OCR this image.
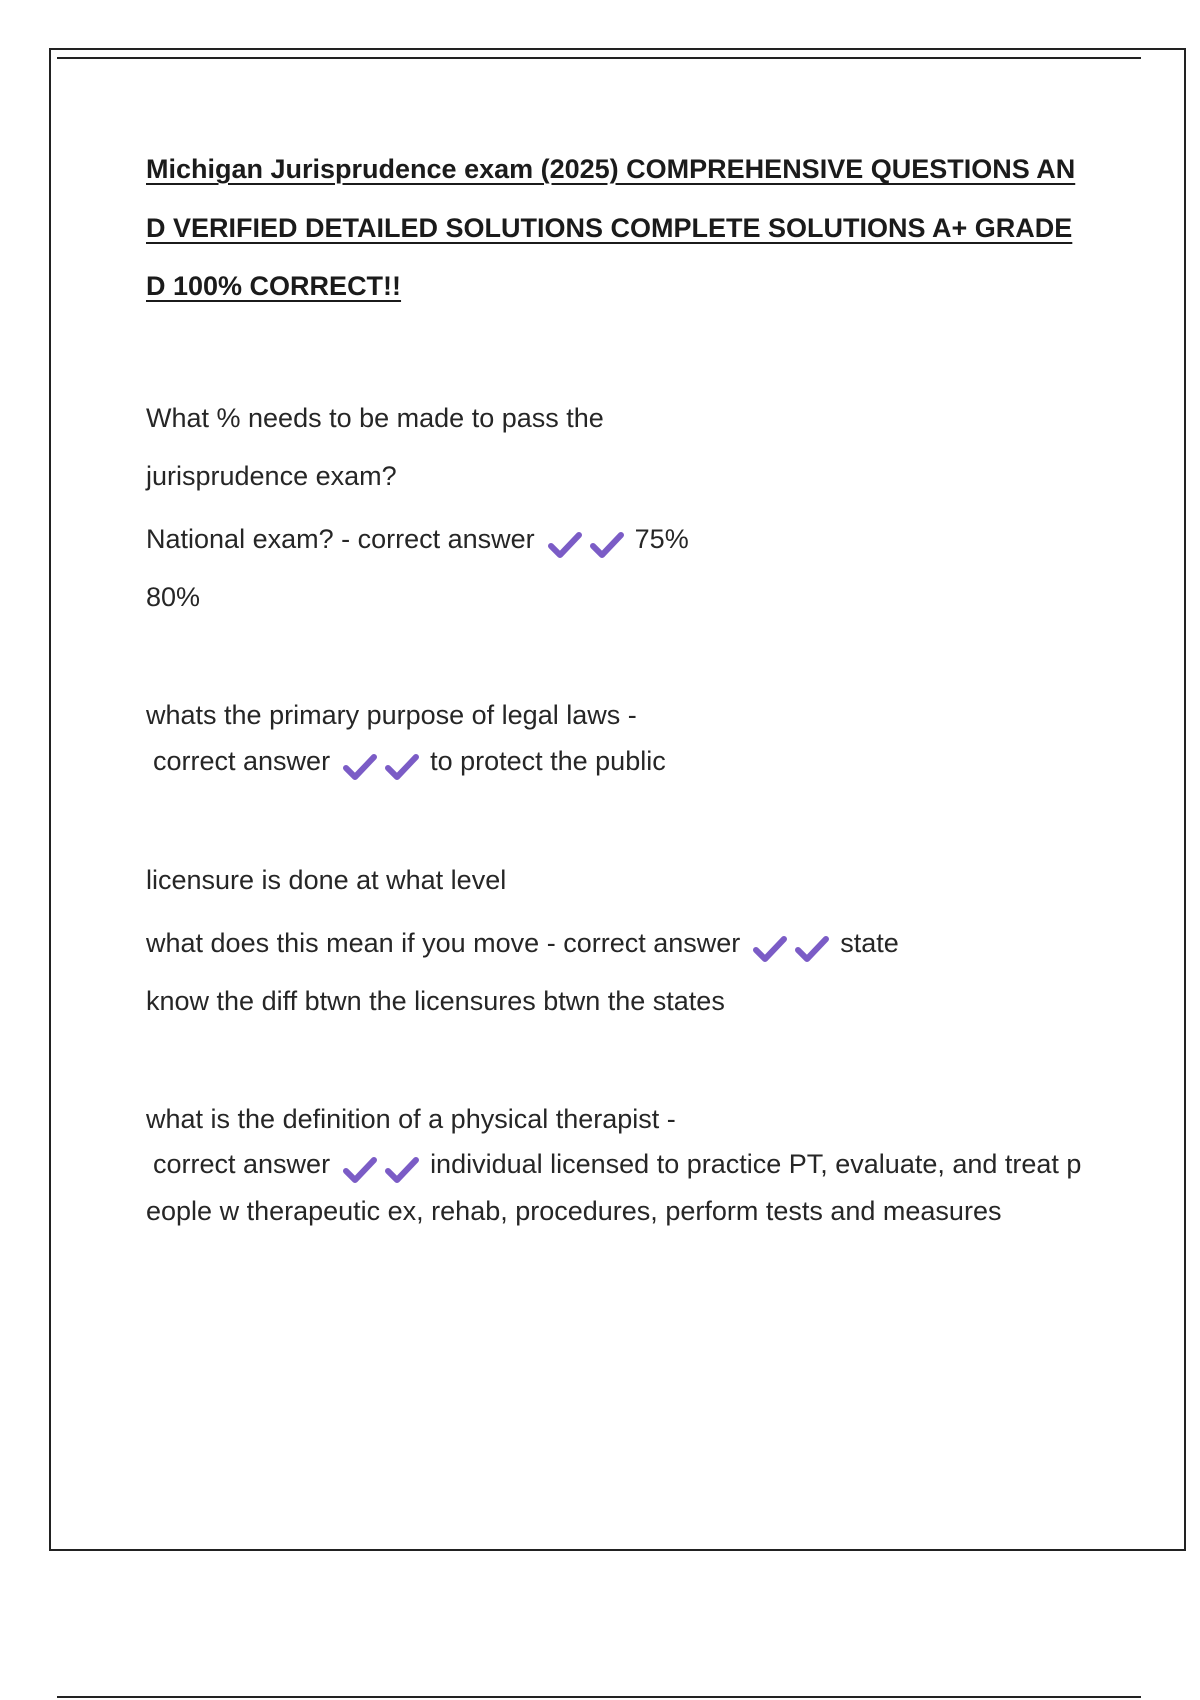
Michigan Jurisprudence exam (2025) COMPREHENSIVE QUESTIONS AND VERIFIED DETAILED SOLUTIONS COMPLETE SOLUTIONS A+ GRADED 100% CORRECT!!
What % needs to be made to pass the
jurisprudence exam?
National exam? - correct answer	75%
80%
whats the primary purpose of legal laws -
correct answer	to protect the public
licensure is done at what level
what does this mean if you move - correct answer	state
know the diff btwn the licensures btwn the states
what is the definition of a physical therapist -
correct answer	individual licensed to practice PT, evaluate, and treat people w therapeutic ex, rehab, procedures, perform tests and measures
